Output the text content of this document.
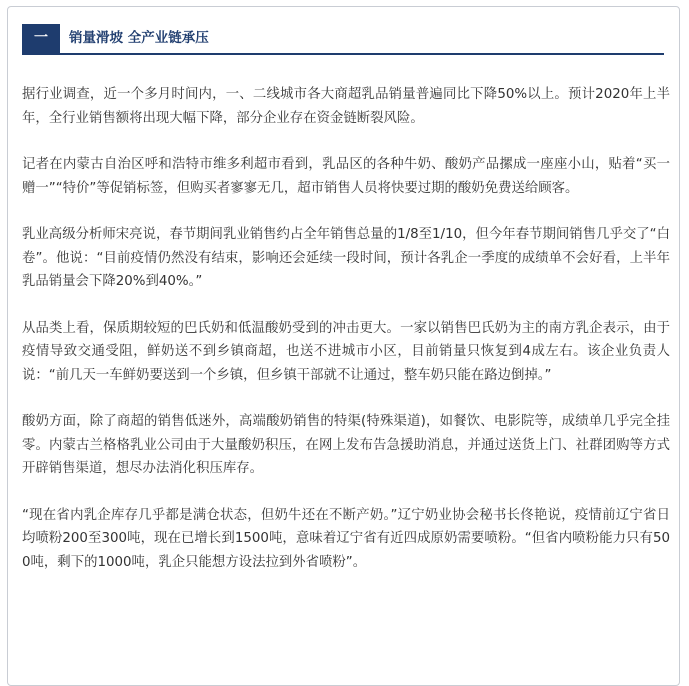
一	销量滑坡 全产业链承压

据行业调查，近一个多月时间内，一、二线城市各大商超乳品销量普遍同比下降50%以上。预计2020年上半年，全行业销售额将出现大幅下降，部分企业存在资金链断裂风险。

记者在内蒙古自治区呼和浩特市维多利超市看到，乳品区的各种牛奶、酸奶产品摞成一座座小山，贴着“买一赠一”“特价”等促销标签，但购买者寥寥无几，超市销售人员将快要过期的酸奶免费送给顾客。

乳业高级分析师宋亮说，春节期间乳业销售约占全年销售总量的1/8至1/10，但今年春节期间销售几乎交了“白卷”。他说：“目前疫情仍然没有结束，影响还会延续一段时间，预计各乳企一季度的成绩单不会好看，上半年乳品销量会下降20%到40%。”

从品类上看，保质期较短的巴氏奶和低温酸奶受到的冲击更大。一家以销售巴氏奶为主的南方乳企表示，由于疫情导致交通受阻，鲜奶送不到乡镇商超，也送不进城市小区，目前销量只恢复到4成左右。该企业负责人说：“前几天一车鲜奶要送到一个乡镇，但乡镇干部就不让通过，整车奶只能在路边倒掉。”

酸奶方面，除了商超的销售低迷外，高端酸奶销售的特渠(特殊渠道)，如餐饮、电影院等，成绩单几乎完全挂零。内蒙古兰格格乳业公司由于大量酸奶积压，在网上发布告急援助消息，并通过送货上门、社群团购等方式开辟销售渠道，想尽办法消化积压库存。

“现在省内乳企库存几乎都是满仓状态，但奶牛还在不断产奶。”辽宁奶业协会秘书长佟艳说，疫情前辽宁省日均喷粉200至300吨，现在已增长到1500吨，意味着辽宁省有近四成原奶需要喷粉。“但省内喷粉能力只有500吨，剩下的1000吨，乳企只能想方设法拉到外省喷粉”。
